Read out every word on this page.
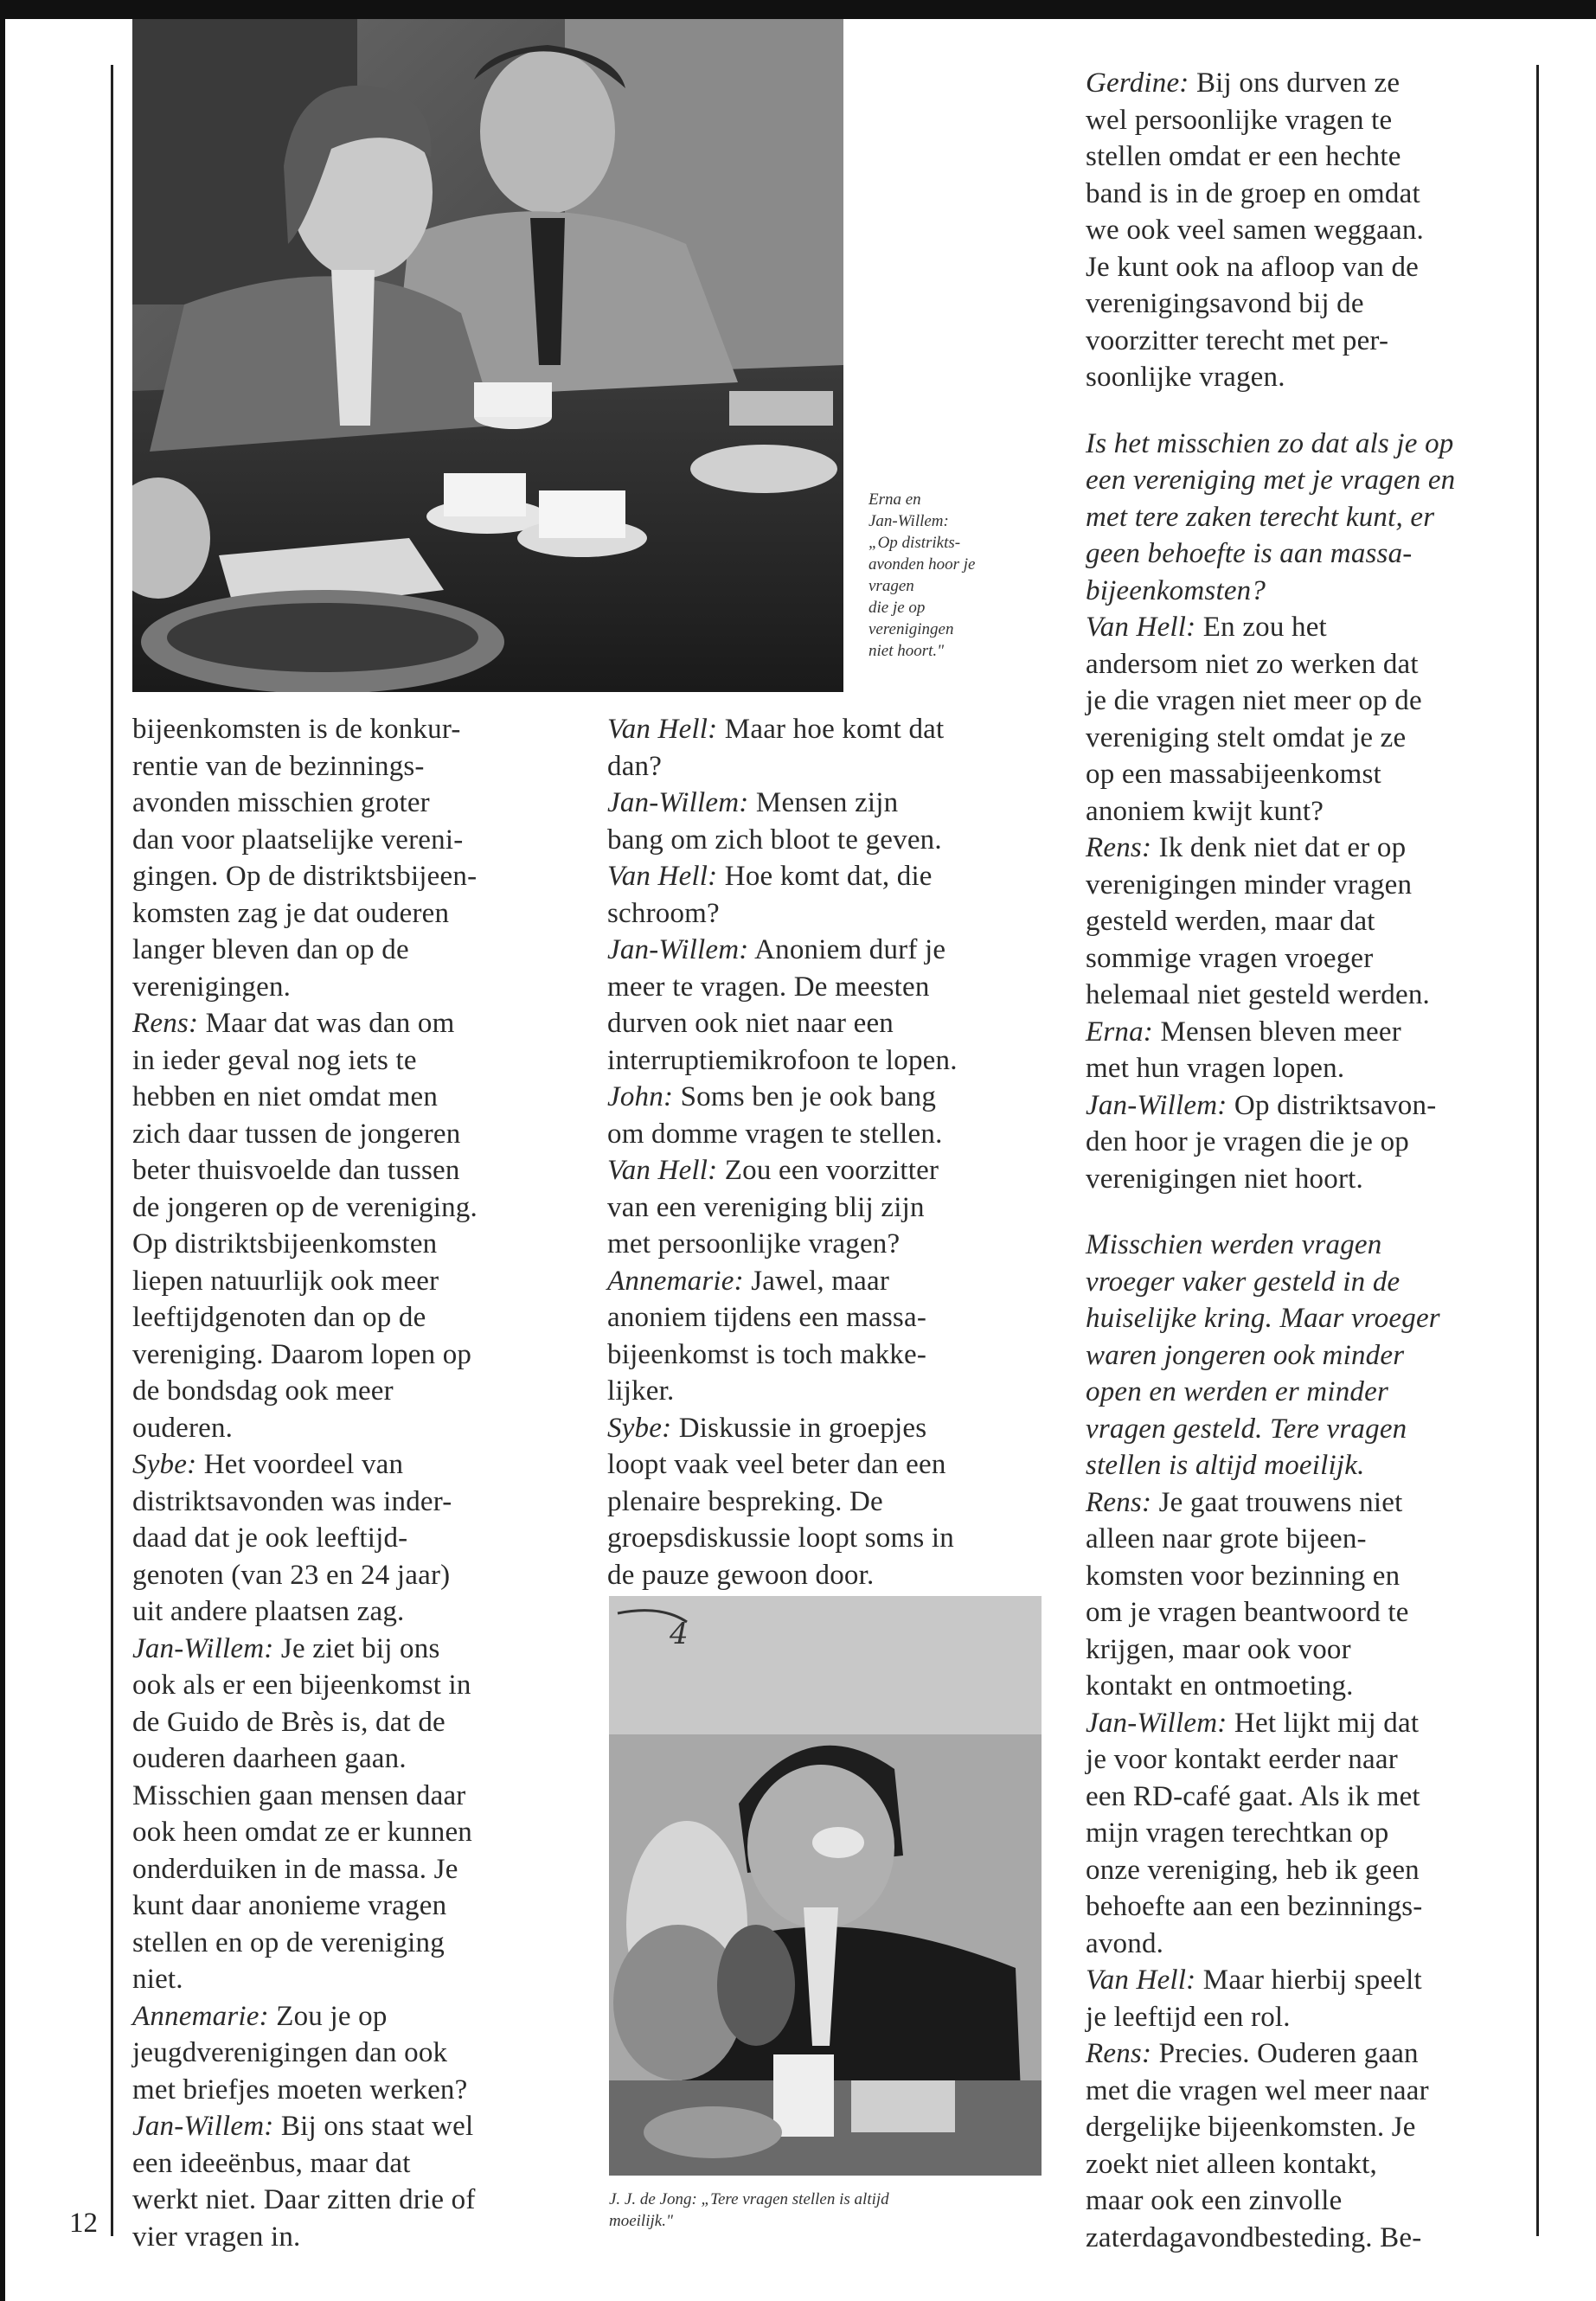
Erna en
Jan-Willem:
„Op distrikts-
avonden hoor je
vragen
die je op
verenigingen
niet hoort."

bijeenkomsten is de konkur-

rentie van de bezinnings-

avonden misschien groter

dan voor plaatselijke vereni-

gingen. Op de distriktsbijeen-

komsten zag je dat ouderen

langer bleven dan op de

verenigingen.

Rens: Maar dat was dan om

in ieder geval nog iets te

hebben en niet omdat men

zich daar tussen de jongeren

beter thuisvoelde dan tussen

de jongeren op de vereniging.

Op distriktsbijeenkomsten

liepen natuurlijk ook meer

leeftijdgenoten dan op de

vereniging. Daarom lopen op

de bondsdag ook meer

ouderen.

Sybe: Het voordeel van

distriktsavonden was inder-

daad dat je ook leeftijd-

genoten (van 23 en 24 jaar)

uit andere plaatsen zag.

Jan-Willem: Je ziet bij ons

ook als er een bijeenkomst in

de Guido de Brès is, dat de

ouderen daarheen gaan.

Misschien gaan mensen daar

ook heen omdat ze er kunnen

onderduiken in de massa. Je

kunt daar anonieme vragen

stellen en op de vereniging

niet.

Annemarie: Zou je op

jeugdverenigingen dan ook

met briefjes moeten werken?

Jan-Willem: Bij ons staat wel

een ideeënbus, maar dat

werkt niet. Daar zitten drie of

vier vragen in.

Van Hell: Maar hoe komt dat

dan?

Jan-Willem: Mensen zijn

bang om zich bloot te geven.

Van Hell: Hoe komt dat, die

schroom?

Jan-Willem: Anoniem durf je

meer te vragen. De meesten

durven ook niet naar een

interruptiemikrofoon te lopen.

John: Soms ben je ook bang

om domme vragen te stellen.

Van Hell: Zou een voorzitter

van een vereniging blij zijn

met persoonlijke vragen?

Annemarie: Jawel, maar

anoniem tijdens een massa-

bijeenkomst is toch makke-

lijker.

Sybe: Diskussie in groepjes

loopt vaak veel beter dan een

plenaire bespreking. De

groepsdiskussie loopt soms in

de pauze gewoon door.

4
J. J. de Jong: „Tere vragen stellen is altijd
moeilijk."

Gerdine: Bij ons durven ze

wel persoonlijke vragen te

stellen omdat er een hechte

band is in de groep en omdat

we ook veel samen weggaan.

Je kunt ook na afloop van de

verenigingsavond bij de

voorzitter terecht met per-

soonlijke vragen.

Is het misschien zo dat als je op

een vereniging met je vragen en

met tere zaken terecht kunt, er

geen behoefte is aan massa-

bijeenkomsten?

Van Hell: En zou het

andersom niet zo werken dat

je die vragen niet meer op de

vereniging stelt omdat je ze

op een massabijeenkomst

anoniem kwijt kunt?

Rens: Ik denk niet dat er op

verenigingen minder vragen

gesteld werden, maar dat

sommige vragen vroeger

helemaal niet gesteld werden.

Erna: Mensen bleven meer

met hun vragen lopen.

Jan-Willem: Op distriktsavon-

den hoor je vragen die je op

verenigingen niet hoort.

Misschien werden vragen

vroeger vaker gesteld in de

huiselijke kring. Maar vroeger

waren jongeren ook minder

open en werden er minder

vragen gesteld. Tere vragen

stellen is altijd moeilijk.

Rens: Je gaat trouwens niet

alleen naar grote bijeen-

komsten voor bezinning en

om je vragen beantwoord te

krijgen, maar ook voor

kontakt en ontmoeting.

Jan-Willem: Het lijkt mij dat

je voor kontakt eerder naar

een RD-café gaat. Als ik met

mijn vragen terechtkan op

onze vereniging, heb ik geen

behoefte aan een bezinnings-

avond.

Van Hell: Maar hierbij speelt

je leeftijd een rol.

Rens: Precies. Ouderen gaan

met die vragen wel meer naar

dergelijke bijeenkomsten. Je

zoekt niet alleen kontakt,

maar ook een zinvolle

zaterdagavondbesteding. Be-

12
